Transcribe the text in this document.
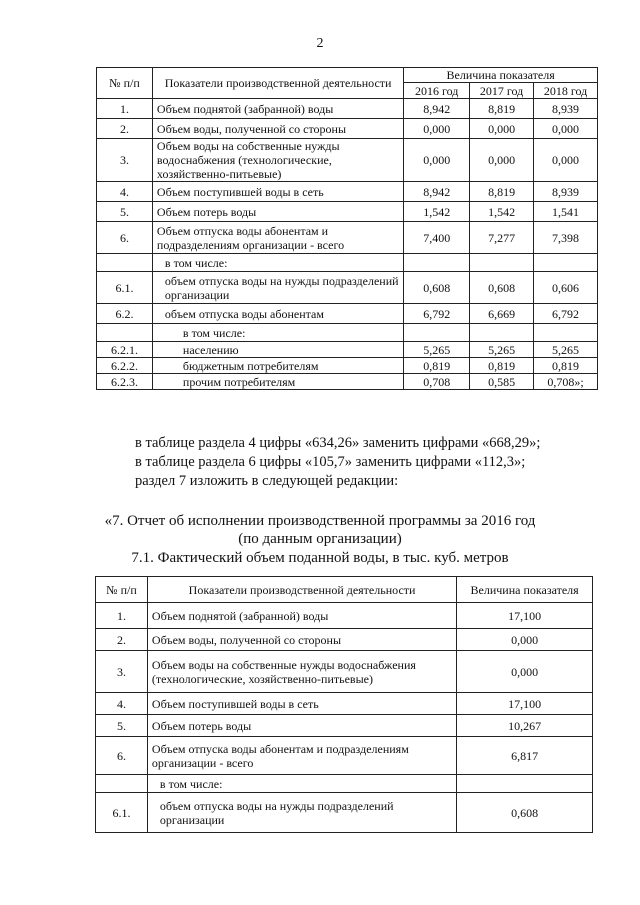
2
№ п/п	Показатели производственной деятельности	Величина показателя		
		2016 год	2017 год	2018 год
1.	Объем поднятой (забранной) воды	8,942	8,819	8,939
2.	Объем воды, полученной со стороны	0,000	0,000	0,000
3.	Объем воды на собственные нужды водоснабжения (технологические, хозяйственно-питьевые)	0,000	0,000	0,000
4.	Объем поступившей воды в сеть	8,942	8,819	8,939
5.	Объем потерь воды	1,542	1,542	1,541
6.	Объем отпуска воды абонентам и подразделениям организации - всего	7,400	7,277	7,398
	в том числе:			
6.1.	объем отпуска воды на нужды подразделений организации	0,608	0,608	0,606
6.2.	объем отпуска воды абонентам	6,792	6,669	6,792
	в том числе:			
6.2.1.	населению	5,265	5,265	5,265
6.2.2.	бюджетным потребителям	0,819	0,819	0,819
6.2.3.	прочим потребителям	0,708	0,585	0,708»;
в таблице раздела 4 цифры «634,26» заменить цифрами «668,29»;
в таблице раздела 6 цифры «105,7» заменить цифрами «112,3»;
раздел 7 изложить в следующей редакции:
«7. Отчет об исполнении производственной программы за 2016 год
(по данным организации)
7.1. Фактический объем поданной воды, в тыс. куб. метров
№ п/п	Показатели производственной деятельности	Величина показателя
1.	Объем поднятой (забранной) воды	17,100
2.	Объем воды, полученной со стороны	0,000
3.	Объем воды на собственные нужды водоснабжения (технологические, хозяйственно-питьевые)	0,000
4.	Объем поступившей воды в сеть	17,100
5.	Объем потерь воды	10,267
6.	Объем отпуска воды абонентам и подразделениям организации - всего	6,817
	в том числе:	
6.1.	объем отпуска воды на нужды подразделений организации	0,608
